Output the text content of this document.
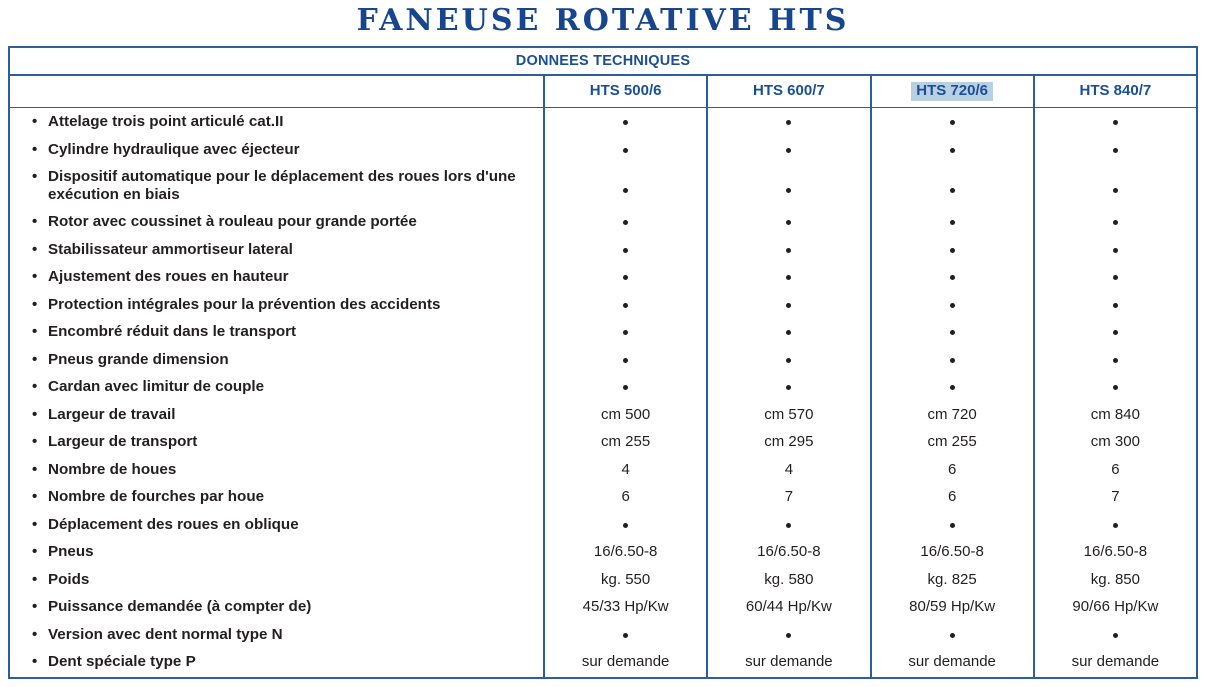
FANEUSE ROTATIVE HTS
DONNEES TECHNIQUES
• Attelage trois point articulé cat.II
• Cylindre hydraulique avec éjecteur
• Dispositif automatique pour le déplacement des roues lors d'une exécution en biais
• Rotor avec coussinet à rouleau pour grande portée
• Stabilissateur ammortiseur lateral
• Ajustement des roues en hauteur
• Protection intégrales pour la prévention des accidents
• Encombré réduit dans le transport
• Pneus grande dimension
• Cardan avec limitur de couple
• Largeur de travail
• Largeur de transport
• Nombre de houes
• Nombre de fourches par houe
• Déplacement des roues en oblique
• Pneus
• Poids
• Puissance demandée (à compter de)
• Version avec dent normal type N
• Dent spéciale type P
HTS 500/6
cm 500
cm 255
4
6
16/6.50-8
kg. 550
45/33 Hp/Kw
sur demande
HTS 600/7
cm 570
cm 295
4
7
16/6.50-8
kg. 580
60/44 Hp/Kw
sur demande
HTS 720/6
cm 720
cm 255
6
6
16/6.50-8
kg. 825
80/59 Hp/Kw
sur demande
HTS 840/7
cm 840
cm 300
6
7
16/6.50-8
kg. 850
90/66 Hp/Kw
sur demande
